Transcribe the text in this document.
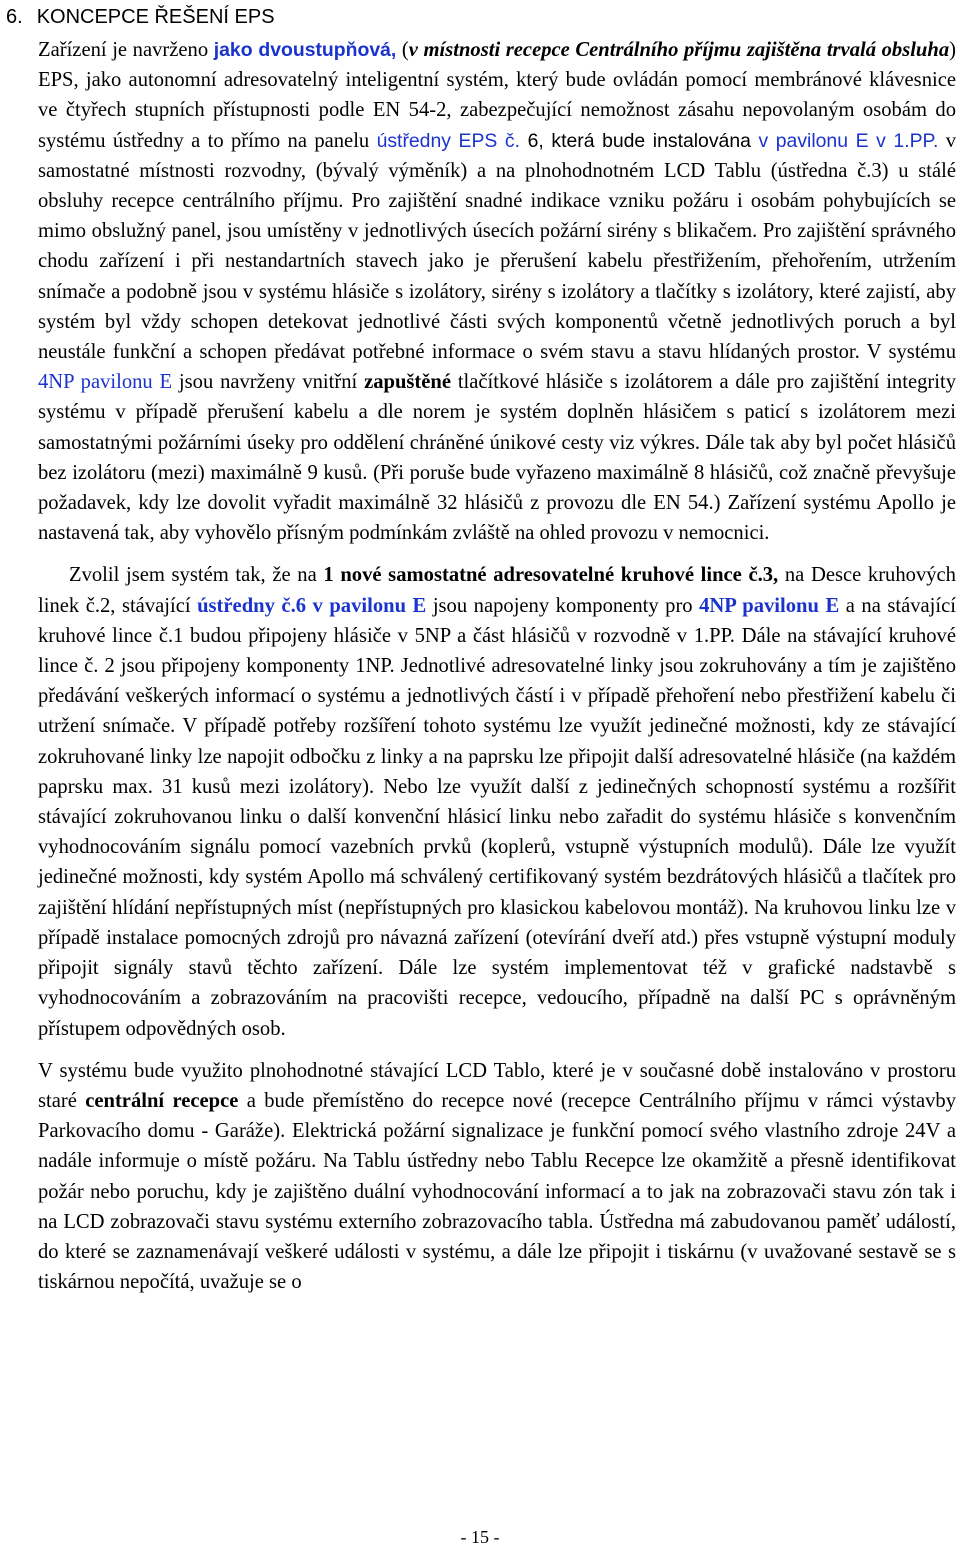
6. KONCEPCE ŘEŠENÍ EPS

Zařízení je navrženo jako dvoustupňová, (v místnosti recepce Centrálního příjmu zajištěna trvalá obsluha) EPS, jako autonomní adresovatelný inteligentní systém, který bude ovládán pomocí membránové klávesnice ve čtyřech stupních přístupnosti podle EN 54-2, zabezpečující nemožnost zásahu nepovolaným osobám do systému ústředny a to přímo na panelu ústředny EPS č. 6, která bude instalována v pavilonu E v 1.PP. v samostatné místnosti rozvodny, (bývalý výměník) a na plnohodnotném LCD Tablu (ústředna č.3) u stálé obsluhy recepce centrálního příjmu. Pro zajištění snadné indikace vzniku požáru i osobám pohybujících se mimo obslužný panel, jsou umístěny v jednotlivých úsecích požární sirény s blikačem. Pro zajištění správného chodu zařízení i při nestandartních stavech jako je přerušení kabelu přestřižením, přehořením, utržením snímače a podobně jsou v systému hlásiče s izolátory, sirény s izolátory a tlačítky s izolátory, které zajistí, aby systém byl vždy schopen detekovat jednotlivé části svých komponentů včetně jednotlivých poruch a byl neustále funkční a schopen předávat potřebné informace o svém stavu a stavu hlídaných prostor. V systému 4NP pavilonu E jsou navrženy vnitřní zapuštěné tlačítkové hlásiče s izolátorem a dále pro zajištění integrity systému v případě přerušení kabelu a dle norem je systém doplněn hlásičem s paticí s izolátorem mezi samostatnými požárními úseky pro oddělení chráněné únikové cesty viz výkres. Dále tak aby byl počet hlásičů bez izolátoru (mezi) maximálně 9 kusů. (Při poruše bude vyřazeno maximálně 8 hlásičů, což značně převyšuje požadavek, kdy lze dovolit vyřadit maximálně 32 hlásičů z provozu dle EN 54.) Zařízení systému Apollo je nastavená tak, aby vyhovělo přísným podmínkám zvláště na ohled provozu v nemocnici.

Zvolil jsem systém tak, že na 1 nové samostatné adresovatelné kruhové lince č.3, na Desce kruhových linek č.2, stávající ústředny č.6 v pavilonu E jsou napojeny komponenty pro 4NP pavilonu E a na stávající kruhové lince č.1 budou připojeny hlásiče v 5NP a část hlásičů v rozvodně v 1.PP. Dále na stávající kruhové lince č. 2 jsou připojeny komponenty 1NP. Jednotlivé adresovatelné linky jsou zokruhovány a tím je zajištěno předávání veškerých informací o systému a jednotlivých částí i v případě přehoření nebo přestřižení kabelu či utržení snímače. V případě potřeby rozšíření tohoto systému lze využít jedinečné možnosti, kdy ze stávající zokruhované linky lze napojit odbočku z linky a na paprsku lze připojit další adresovatelné hlásiče (na každém paprsku max. 31 kusů mezi izolátory). Nebo lze využít další z jedinečných schopností systému a rozšířit stávající zokruhovanou linku o další konvenční hlásicí linku nebo zařadit do systému hlásiče s konvenčním vyhodnocováním signálu pomocí vazebních prvků (koplerů, vstupně výstupních modulů). Dále lze využít jedinečné možnosti, kdy systém Apollo má schválený certifikovaný systém bezdrátových hlásičů a tlačítek pro zajištění hlídání nepřístupných míst (nepřístupných pro klasickou kabelovou montáž). Na kruhovou linku lze v případě instalace pomocných zdrojů pro návazná zařízení (otevírání dveří atd.) přes vstupně výstupní moduly připojit signály stavů těchto zařízení. Dále lze systém implementovat též v grafické nadstavbě s vyhodnocováním a zobrazováním na pracovišti recepce, vedoucího, případně na další PC s oprávněným přístupem odpovědných osob.

V systému bude využito plnohodnotné stávající LCD Tablo, které je v současné době instalováno v prostoru staré centrální recepce a bude přemístěno do recepce nové (recepce Centrálního příjmu v rámci výstavby Parkovacího domu - Garáže). Elektrická požární signalizace je funkční pomocí svého vlastního zdroje 24V a nadále informuje o místě požáru. Na Tablu ústředny nebo Tablu Recepce lze okamžitě a přesně identifikovat požár nebo poruchu, kdy je zajištěno duální vyhodnocování informací a to jak na zobrazovači stavu zón tak i na LCD zobrazovači stavu systému externího zobrazovacího tabla. Ústředna má zabudovanou paměť událostí, do které se zaznamenávají veškeré události v systému, a dále lze připojit i tiskárnu (v uvažované sestavě se s tiskárnou nepočítá, uvažuje se o

- 15 -
